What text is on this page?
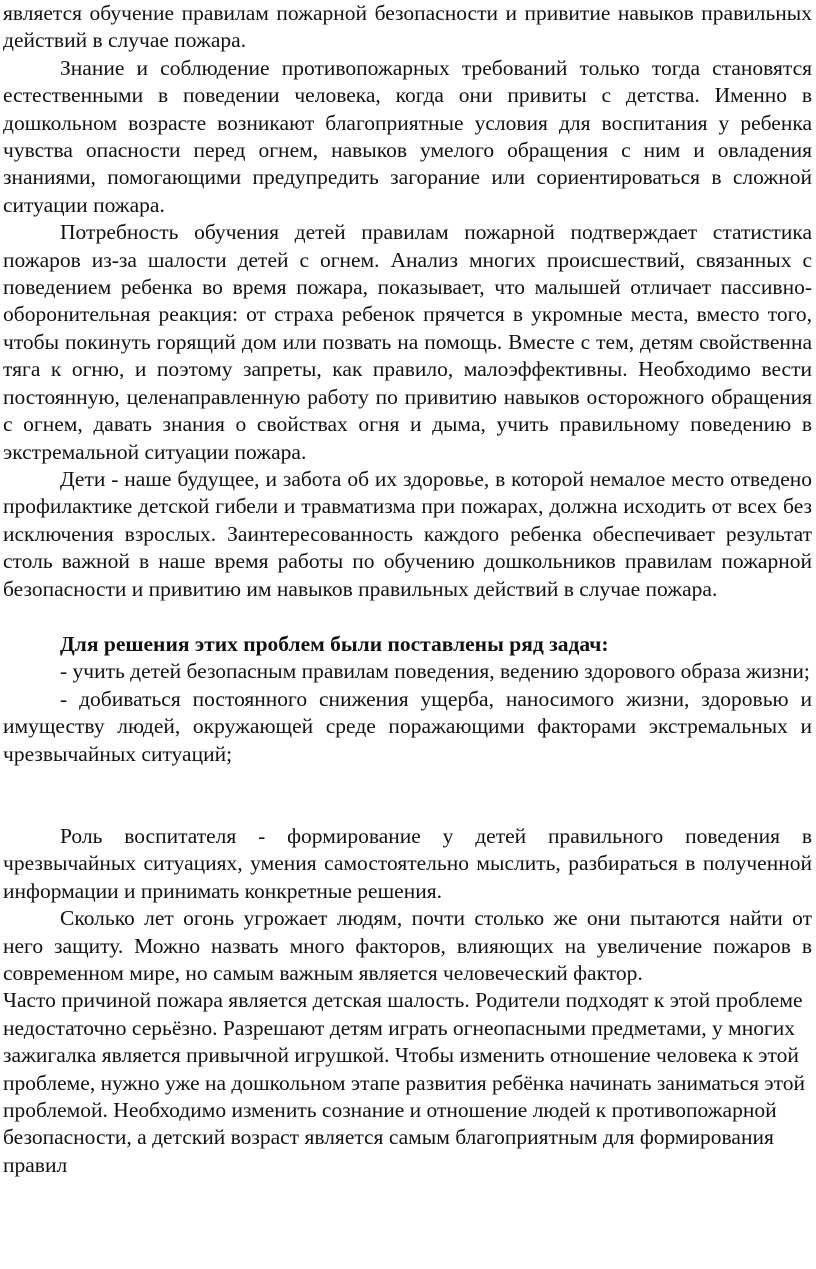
является обучение правилам пожарной безопасности и привитие навыков правильных действий в случае пожара.

Знание и соблюдение противопожарных требований только тогда становятся естественными в поведении человека, когда они привиты с детства. Именно в дошкольном возрасте возникают благоприятные условия для воспитания у ребенка чувства опасности перед огнем, навыков умелого обращения с ним и овладения знаниями, помогающими предупредить загорание или сориентироваться в сложной ситуации пожара.

Потребность обучения детей правилам пожарной подтверждает статистика пожаров из-за шалости детей с огнем. Анализ многих происшествий, связанных с поведением ребенка во время пожара, показывает, что малышей отличает пассивно-оборонительная реакция: от страха ребенок прячется в укромные места, вместо того, чтобы покинуть горящий дом или позвать на помощь. Вместе с тем, детям свойственна тяга к огню, и поэтому запреты, как правило, малоэффективны. Необходимо вести постоянную, целенаправленную работу по привитию навыков осторожного обращения с огнем, давать знания о свойствах огня и дыма, учить правильному поведению в экстремальной ситуации пожара.

Дети - наше будущее, и забота об их здоровье, в которой немалое место отведено профилактике детской гибели и травматизма при пожарах, должна исходить от всех без исключения взрослых. Заинтересованность каждого ребенка обеспечивает результат столь важной в наше время работы по обучению дошкольников правилам пожарной безопасности и привитию им навыков правильных действий в случае пожара.

Для решения этих проблем были поставлены ряд задач:

- учить детей безопасным правилам поведения, ведению здорового образа жизни;

- добиваться постоянного снижения ущерба, наносимого жизни, здоровью и имуществу людей, окружающей среде поражающими факторами экстремальных и чрезвычайных ситуаций;

Роль воспитателя - формирование у детей правильного поведения в чрезвычайных ситуациях, умения самостоятельно мыслить, разбираться в полученной информации и принимать конкретные решения.

Сколько лет огонь угрожает людям, почти столько же они пытаются найти от него защиту. Можно назвать много факторов, влияющих на увеличение пожаров в современном мире, но самым важным является человеческий фактор.

Часто причиной пожара является детская шалость. Родители подходят к этой проблеме недостаточно серьёзно. Разрешают детям играть огнеопасными предметами, у многих зажигалка является привычной игрушкой. Чтобы изменить отношение человека к этой проблеме, нужно уже на дошкольном этапе развития ребёнка начинать заниматься этой проблемой. Необходимо изменить сознание и отношение людей к противопожарной безопасности, а детский возраст является самым благоприятным для формирования правил
